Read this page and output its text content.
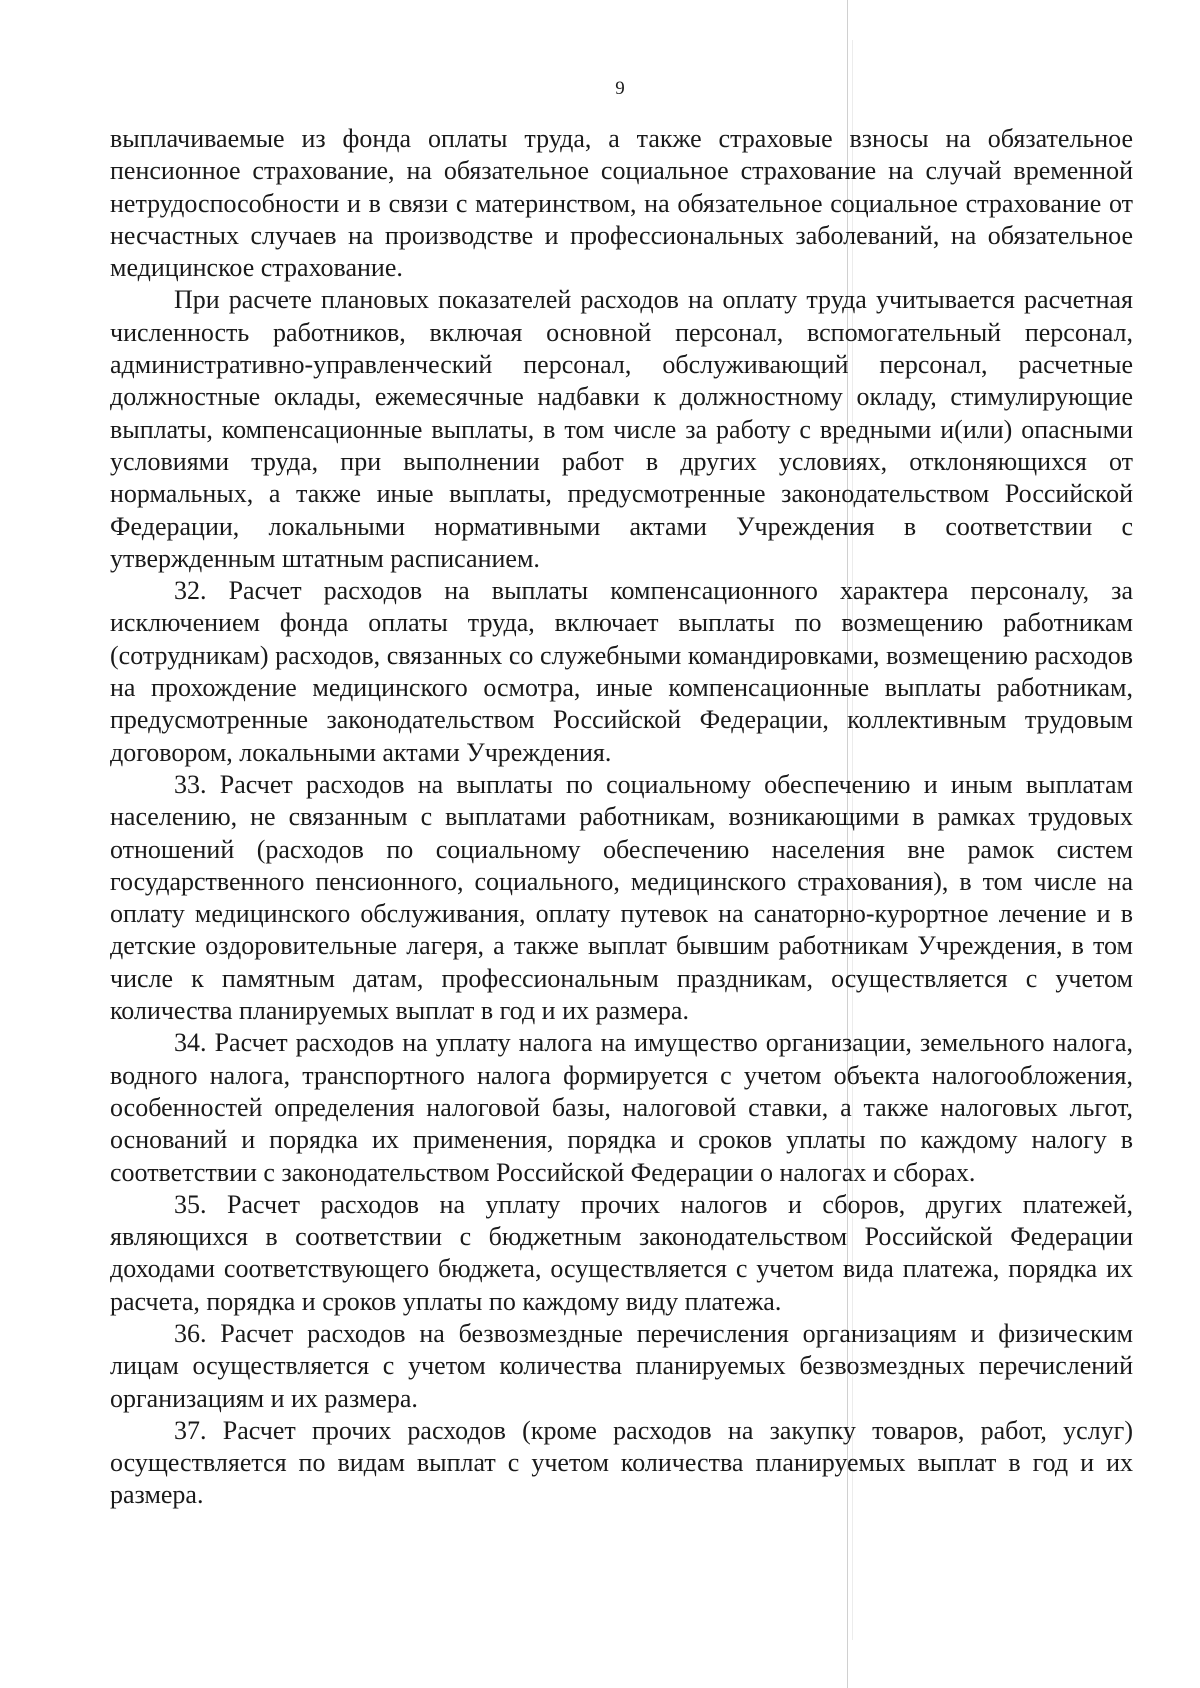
9

выплачиваемые из фонда оплаты труда, а также страховые взносы на обязательное пенсионное страхование, на обязательное социальное страхование на случай временной нетрудоспособности и в связи с материнством, на обязательное социальное страхование от несчастных случаев на производстве и профессиональных заболеваний, на обязательное медицинское страхование.

При расчете плановых показателей расходов на оплату труда учитывается расчетная численность работников, включая основной персонал, вспомогательный персонал, административно-управленческий персонал, обслуживающий персонал, расчетные должностные оклады, ежемесячные надбавки к должностному окладу, стимулирующие выплаты, компенсационные выплаты, в том числе за работу с вредными и(или) опасными условиями труда, при выполнении работ в других условиях, отклоняющихся от нормальных, а также иные выплаты, предусмотренные законодательством Российской Федерации, локальными нормативными актами Учреждения в соответствии с утвержденным штатным расписанием.

32. Расчет расходов на выплаты компенсационного характера персоналу, за исключением фонда оплаты труда, включает выплаты по возмещению работникам (сотрудникам) расходов, связанных со служебными командировками, возмещению расходов на прохождение медицинского осмотра, иные компенсационные выплаты работникам, предусмотренные законодательством Российской Федерации, коллективным трудовым договором, локальными актами Учреждения.

33. Расчет расходов на выплаты по социальному обеспечению и иным выплатам населению, не связанным с выплатами работникам, возникающими в рамках трудовых отношений (расходов по социальному обеспечению населения вне рамок систем государственного пенсионного, социального, медицинского страхования), в том числе на оплату медицинского обслуживания, оплату путевок на санаторно-курортное лечение и в детские оздоровительные лагеря, а также выплат бывшим работникам Учреждения, в том числе к памятным датам, профессиональным праздникам, осуществляется с учетом количества планируемых выплат в год и их размера.

34. Расчет расходов на уплату налога на имущество организации, земельного налога, водного налога, транспортного налога формируется с учетом объекта налогообложения, особенностей определения налоговой базы, налоговой ставки, а также налоговых льгот, оснований и порядка их применения, порядка и сроков уплаты по каждому налогу в соответствии с законодательством Российской Федерации о налогах и сборах.

35. Расчет расходов на уплату прочих налогов и сборов, других платежей, являющихся в соответствии с бюджетным законодательством Российской Федерации доходами соответствующего бюджета, осуществляется с учетом вида платежа, порядка их расчета, порядка и сроков уплаты по каждому виду платежа.

36. Расчет расходов на безвозмездные перечисления организациям и физическим лицам осуществляется с учетом количества планируемых безвозмездных перечислений организациям и их размера.

37. Расчет прочих расходов (кроме расходов на закупку товаров, работ, услуг) осуществляется по видам выплат с учетом количества планируемых выплат в год и их размера.
